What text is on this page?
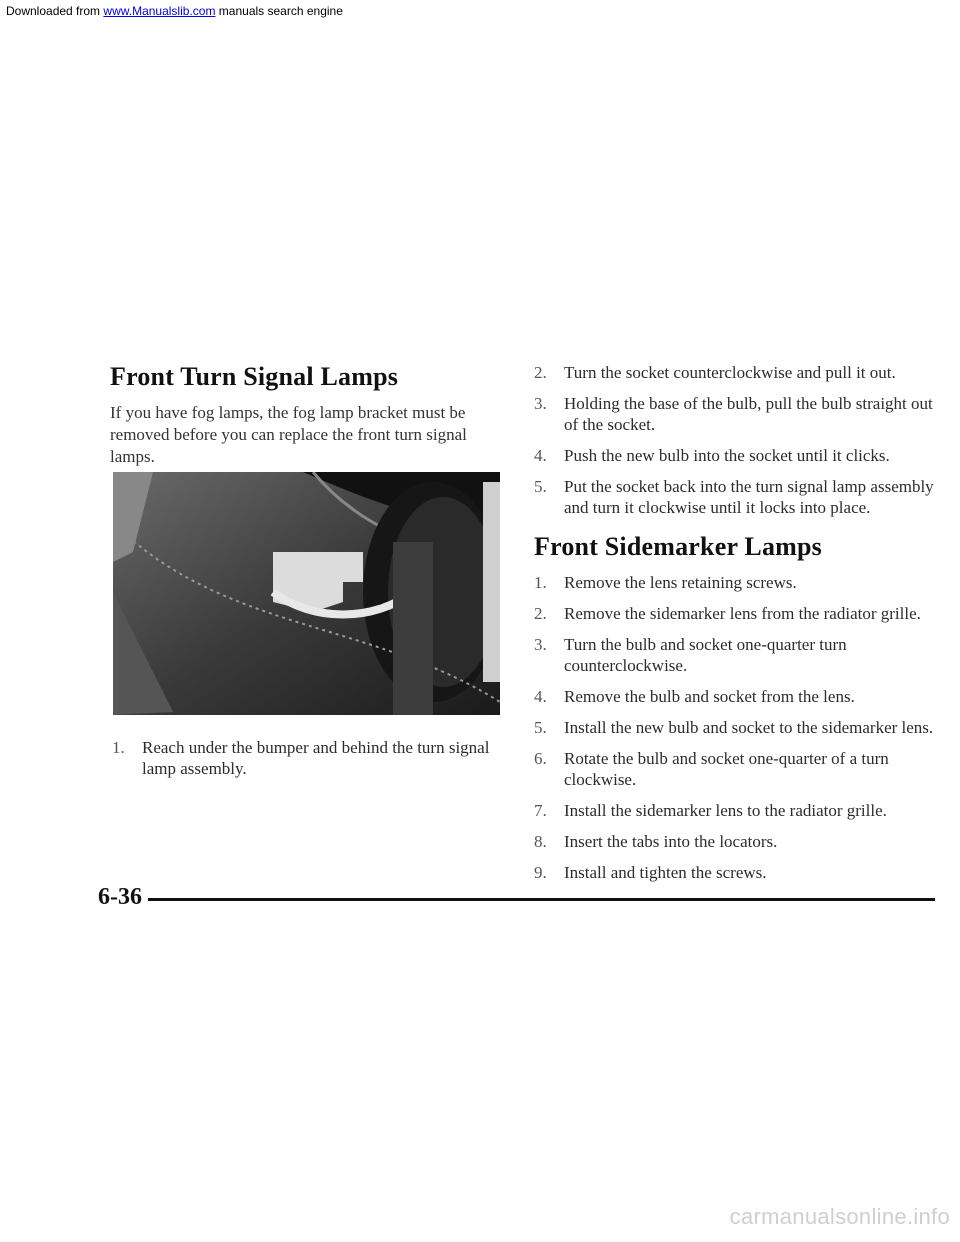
Downloaded from www.Manualslib.com manuals search engine
Front Turn Signal Lamps

If you have fog lamps, the fog lamp bracket must be removed before you can replace the front turn signal lamps.

1. Reach under the bumper and behind the turn signal lamp assembly.
2. Turn the socket counterclockwise and pull it out.
3. Holding the base of the bulb, pull the bulb straight out of the socket.
4. Push the new bulb into the socket until it clicks.
5. Put the socket back into the turn signal lamp assembly and turn it clockwise until it locks into place.
Front Sidemarker Lamps
1. Remove the lens retaining screws.
2. Remove the sidemarker lens from the radiator grille.
3. Turn the bulb and socket one-quarter turn counterclockwise.
4. Remove the bulb and socket from the lens.
5. Install the new bulb and socket to the sidemarker lens.
6. Rotate the bulb and socket one-quarter of a turn clockwise.
7. Install the sidemarker lens to the radiator grille.
8. Insert the tabs into the locators.
9. Install and tighten the screws.
6-36
carmanualsonline.info
